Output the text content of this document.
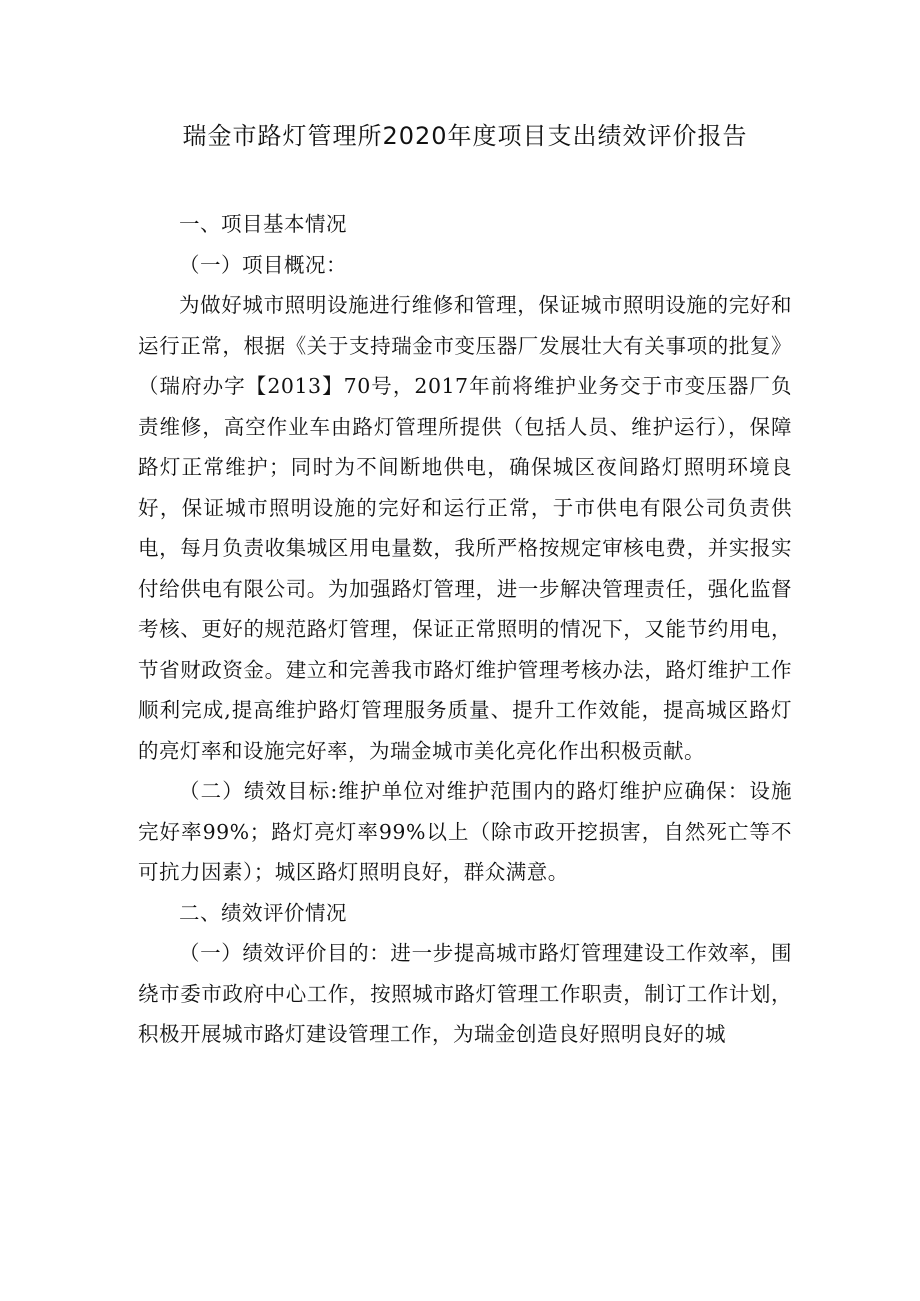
瑞金市路灯管理所2020年度项目支出绩效评价报告

一、项目基本情况

（一）项目概况：

为做好城市照明设施进行维修和管理，保证城市照明设施的完好和运行正常，根据《关于支持瑞金市变压器厂发展壮大有关事项的批复》（瑞府办字【2013】70号，2017年前将维护业务交于市变压器厂负责维修，高空作业车由路灯管理所提供（包括人员、维护运行），保障路灯正常维护；同时为不间断地供电，确保城区夜间路灯照明环境良好，保证城市照明设施的完好和运行正常，于市供电有限公司负责供电，每月负责收集城区用电量数，我所严格按规定审核电费，并实报实付给供电有限公司。为加强路灯管理，进一步解决管理责任，强化监督考核、更好的规范路灯管理，保证正常照明的情况下，又能节约用电，节省财政资金。建立和完善我市路灯维护管理考核办法，路灯维护工作顺利完成,提高维护路灯管理服务质量、提升工作效能，提高城区路灯的亮灯率和设施完好率，为瑞金城市美化亮化作出积极贡献。

（二）绩效目标:维护单位对维护范围内的路灯维护应确保：设施完好率99%；路灯亮灯率99%以上（除市政开挖损害，自然死亡等不可抗力因素）；城区路灯照明良好，群众满意。

二、绩效评价情况

（一）绩效评价目的：进一步提高城市路灯管理建设工作效率，围绕市委市政府中心工作，按照城市路灯管理工作职责，制订工作计划，积极开展城市路灯建设管理工作，为瑞金创造良好照明良好的城
